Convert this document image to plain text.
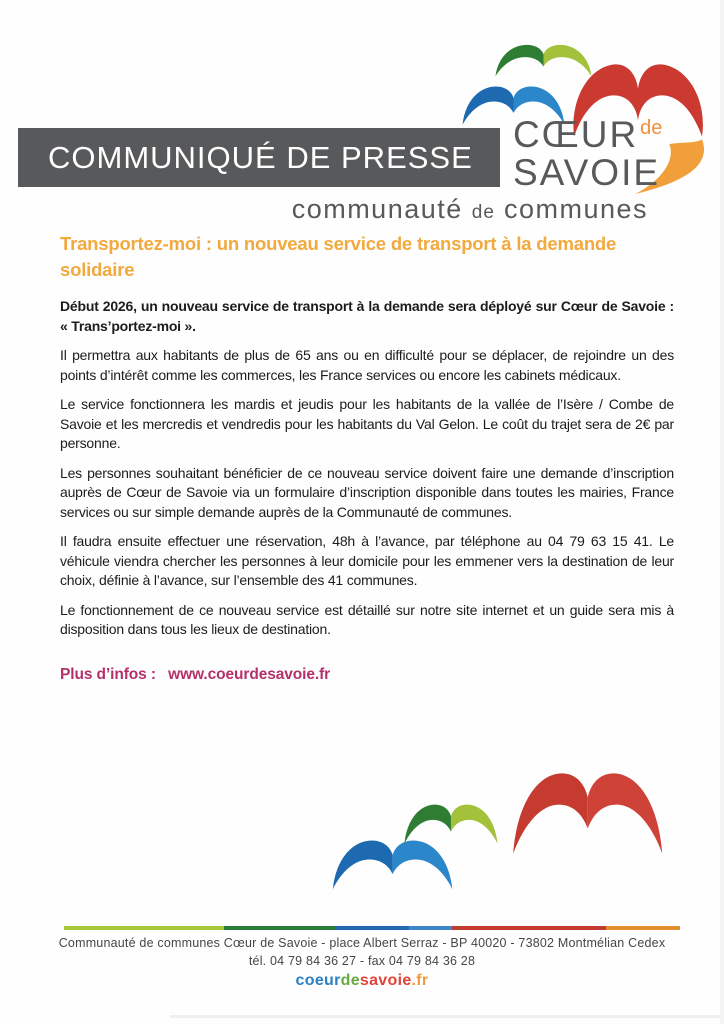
COMMUNIQUÉ DE PRESSE
CŒUR $^{de}$
SAVOIE
communauté de communes
Transportez-moi : un nouveau service de transport à la demande solidaire

Début 2026, un nouveau service de transport à la demande sera déployé sur Cœur de Savoie : « Trans’portez-moi ».

Il permettra aux habitants de plus de 65 ans ou en difficulté pour se déplacer, de rejoindre un des points d’intérêt comme les commerces, les France services ou encore les cabinets médicaux.

Le service fonctionnera les mardis et jeudis pour les habitants de la vallée de l’Isère / Combe de Savoie et les mercredis et vendredis pour les habitants du Val Gelon. Le coût du trajet sera de 2€ par personne.

Les personnes souhaitant bénéficier de ce nouveau service doivent faire une demande d’inscription auprès de Cœur de Savoie via un formulaire d’inscription disponible dans toutes les mairies, France services ou sur simple demande auprès de la Communauté de communes.

Il faudra ensuite effectuer une réservation, 48h à l’avance, par téléphone au 04 79 63 15 41. Le véhicule viendra chercher les personnes à leur domicile pour les emmener vers la destination de leur choix, définie à l’avance, sur l’ensemble des 41 communes.

Le fonctionnement de ce nouveau service est détaillé sur notre site internet et un guide sera mis à disposition dans tous les lieux de destination.

Plus d’infos : www.coeurdesavoie.fr
Communauté de communes Cœur de Savoie - place Albert Serraz - BP 40020 - 73802 Montmélian Cedex
tél. 04 79 84 36 27 - fax 04 79 84 36 28
coeurdesavoie.fr
